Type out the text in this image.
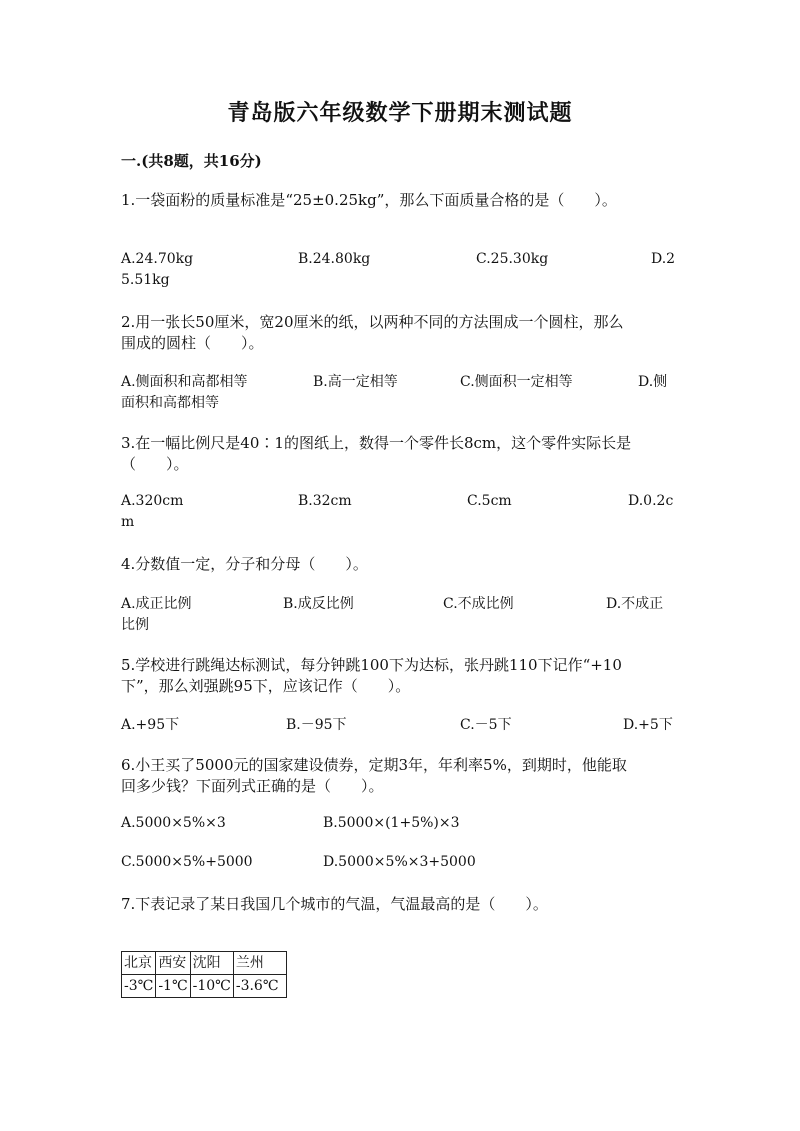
青岛版六年级数学下册期末测试题
一.(共8题，共16分)
1.一袋面粉的质量标准是“25±0.25kg”，那么下面质量合格的是（　　）。
A.24.70kg	B.24.80kg	C.25.30kg	D.2
5.51kg
2.用一张长50厘米，宽20厘米的纸，以两种不同的方法围成一个圆柱，那么
围成的圆柱（　　）。
A.侧面积和高都相等	B.高一定相等	C.侧面积一定相等	D.侧
面积和高都相等
3.在一幅比例尺是40∶1的图纸上，数得一个零件长8cm，这个零件实际长是
（　　）。
A.320cm	B.32cm	C.5cm	D.0.2c
m
4.分数值一定，分子和分母（　　）。
A.成正比例	B.成反比例	C.不成比例	D.不成正
比例
5.学校进行跳绳达标测试，每分钟跳100下为达标，张丹跳110下记作“+10
下”，那么刘强跳95下，应该记作（　　）。
A.+95下	B.－95下	C.－5下	D.+5下
6.小王买了5000元的国家建设债券，定期3年，年利率5%，到期时，他能取
回多少钱？下面列式正确的是（　　）。
A.5000×5%×3	B.5000×(1+5%)×3
C.5000×5%+5000	D.5000×5%×3+5000
7.下表记录了某日我国几个城市的气温，气温最高的是（　　）。
北京	西安	沈阳	兰州
-3℃	-1℃	-10℃	-3.6℃
